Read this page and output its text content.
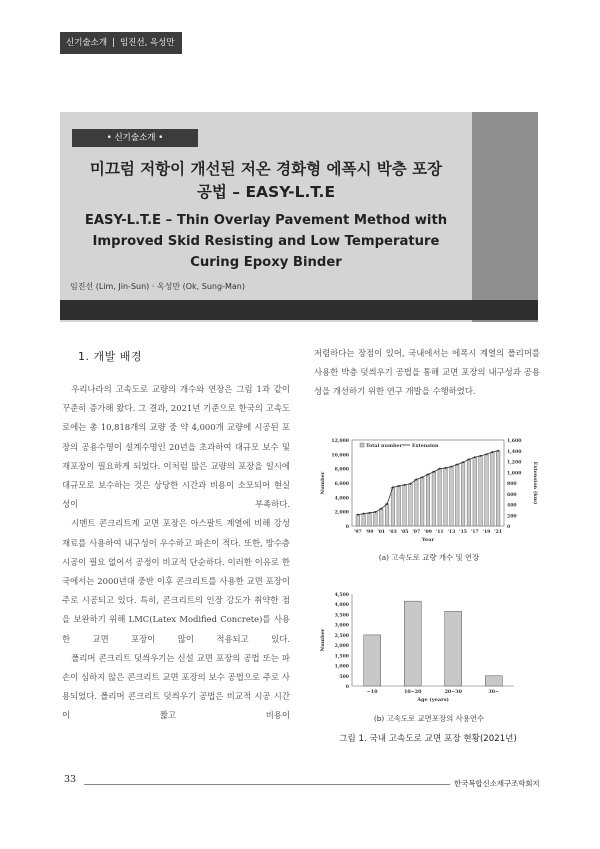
신기술소개 | 임진선, 옥성만
• 신기술소개 •
미끄럼 저항이 개선된 저온 경화형 에폭시 박층 포장
공법 – EASY-L.T.E
EASY-L.T.E – Thin Overlay Pavement Method with
Improved Skid Resisting and Low Temperature
Curing Epoxy Binder
임진선 (Lim, Jin-Sun) · 옥성만 (Ok, Sung-Man)
1. 개발 배경

우리나라의 고속도로 교량의 개수와 연장은 그림 1과 같이 꾸준히 증가해 왔다. 그 결과, 2021년 기준으로 한국의 고속도로에는 총 10,818개의 교량 중 약 4,000개 교량에 시공된 포장의 공용수명이 설계수명인 20년을 초과하여 대규모 보수 및 재포장이 필요하게 되었다. 이처럼 많은 교량의 포장을 일시에 대규모로 보수하는 것은 상당한 시간과 비용이 소모되어 현실성이 부족하다.

시멘트 콘크리트계 교면 포장은 아스팔트 계열에 비해 강성 재료를 사용하여 내구성이 우수하고 파손이 적다. 또한, 방수층 시공이 필요 없어서 공정이 비교적 단순하다. 이러한 이유로 한국에서는 2000년대 중반 이후 콘크리트를 사용한 교면 포장이 주로 시공되고 있다. 특히, 콘크리트의 인장 강도가 취약한 점을 보완하기 위해 LMC(Latex Modified Concrete)를 사용한 교면 포장이 많이 적용되고 있다.

폴리머 콘크리트 덧씌우기는 신설 교면 포장의 공법 또는 파손이 심하지 않은 콘크리트 교면 포장의 보수 공법으로 주로 사용되었다. 폴리머 콘크리트 덧씌우기 공법은 비교적 시공 시간이 짧고 비용이

저렴하다는 장점이 있어, 국내에서는 에폭시 계열의 폴리머를 사용한 박층 덧씌우기 공법을 통해 교면 포장의 내구성과 공용성을 개선하기 위한 연구 개발을 수행하였다.

0
2,000
4,000
6,000
8,000
10,000
12,000
0
200
400
600
800
1,000
1,200
1,400
1,600
'97 '99 '01 '03 '05 '07 '09 '11 '13 '15 '17 '19 '21
Year
Number	Extension (km)
Total number Extension
(a) 고속도로 교량 개수 및 연장
0
500
1,000
1,500
2,000
2,500
3,000
3,500
4,000
4,500
~10	10~20	20~30	30~
Age (years)
Number
(b) 고속도로 교면포장의 사용연수
그림 1. 국내 고속도로 교면 포장 현황(2021년)
33	한국복합신소재구조학회지
